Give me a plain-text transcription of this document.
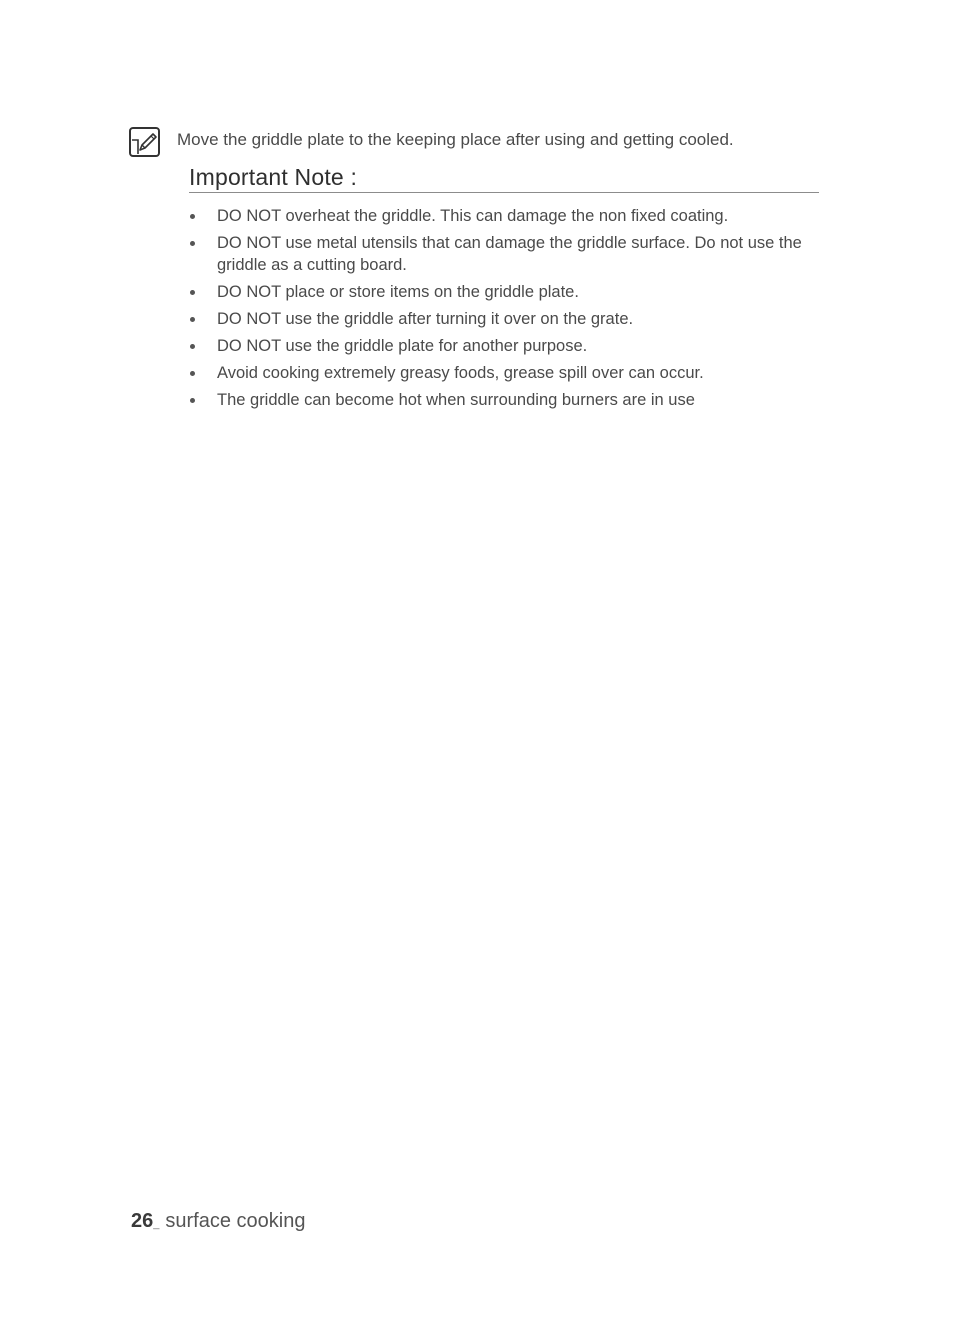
Move the griddle plate to the keeping place after using and getting cooled.
Important Note :
DO NOT overheat the griddle. This can damage the non fixed coating.
DO NOT use metal utensils that can damage the griddle surface. Do not use the griddle as a cutting board.
DO NOT place or store items on the griddle plate.
DO NOT use the griddle after turning it over on the grate.
DO NOT use the griddle plate for another purpose.
Avoid cooking extremely greasy foods, grease spill over can occur.
The griddle can become hot when surrounding burners are in use
26_ surface cooking
